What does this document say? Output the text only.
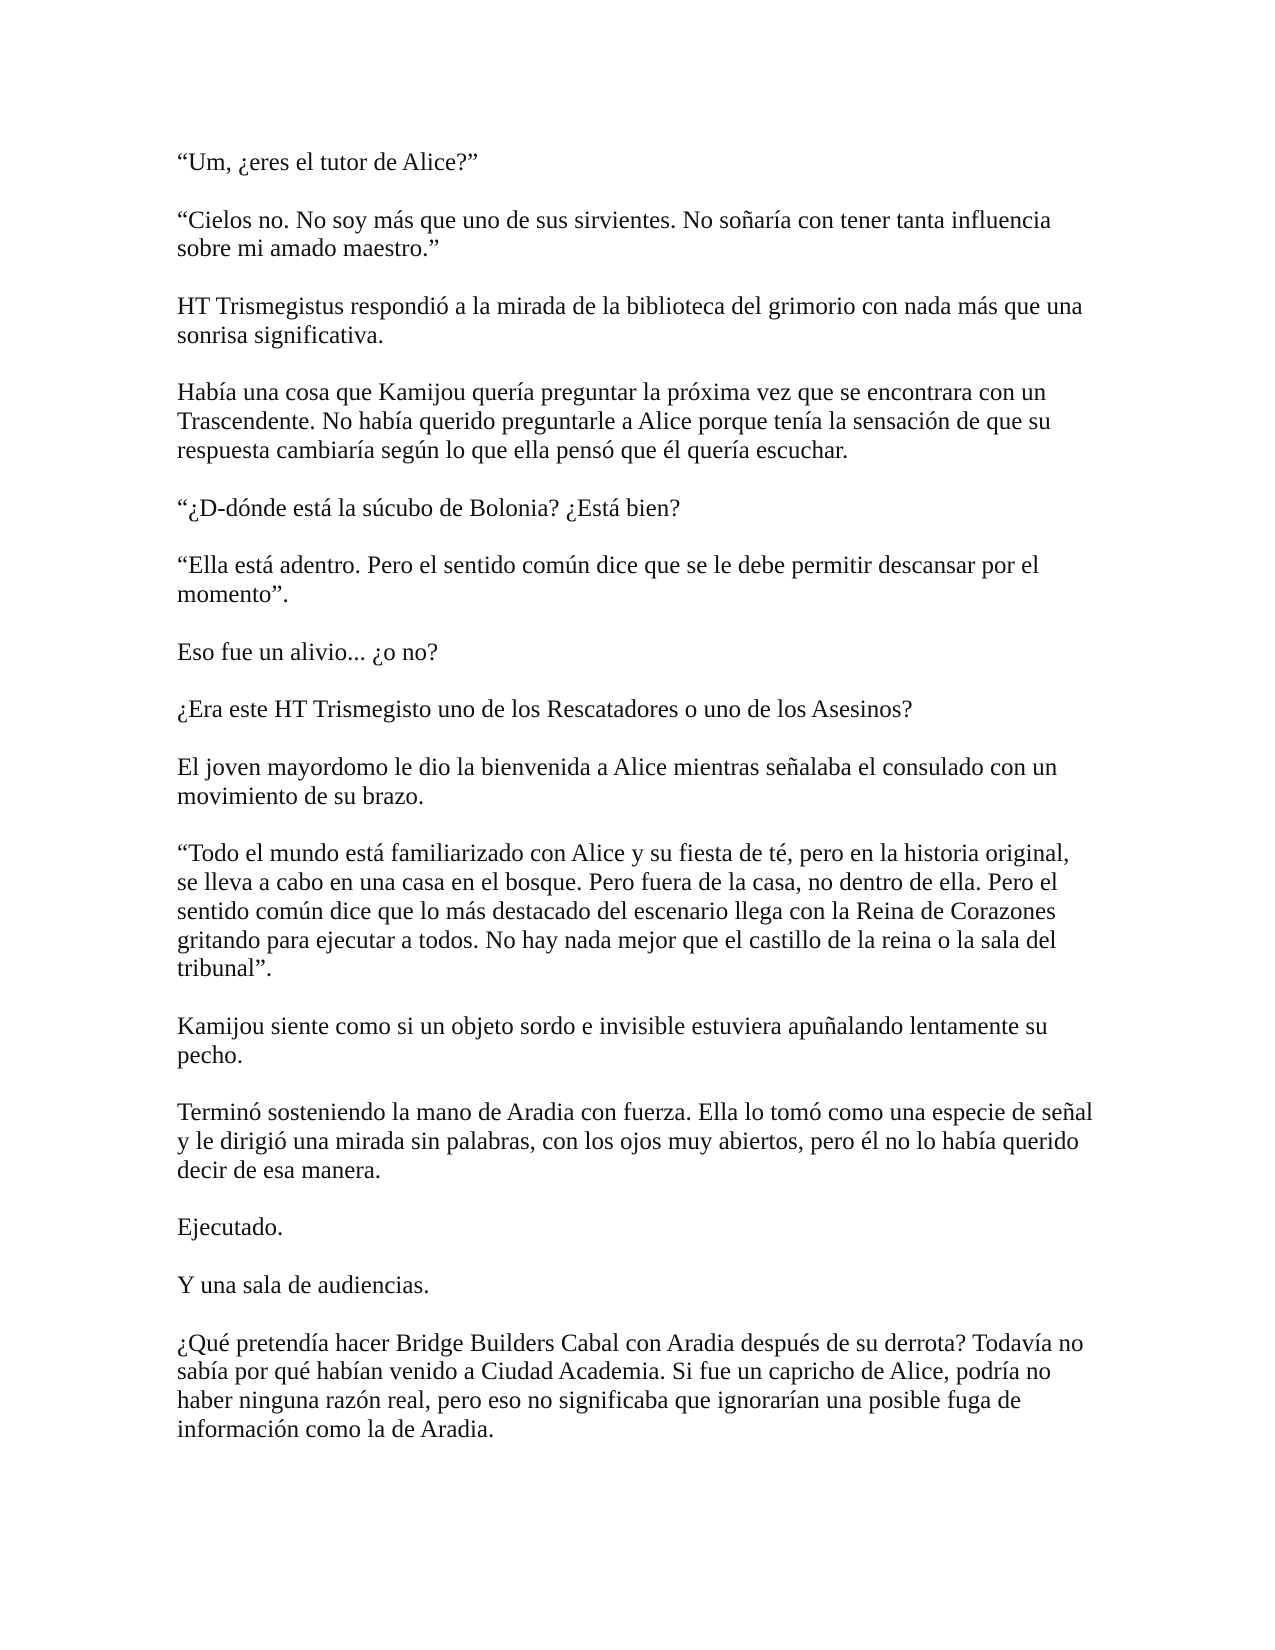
“Um, ¿eres el tutor de Alice?”
“Cielos no. No soy más que uno de sus sirvientes. No soñaría con tener tanta influencia
sobre mi amado maestro.”
HT Trismegistus respondió a la mirada de la biblioteca del grimorio con nada más que una
sonrisa significativa.
Había una cosa que Kamijou quería preguntar la próxima vez que se encontrara con un
Trascendente. No había querido preguntarle a Alice porque tenía la sensación de que su
respuesta cambiaría según lo que ella pensó que él quería escuchar.
“¿D-dónde está la súcubo de Bolonia? ¿Está bien?
“Ella está adentro. Pero el sentido común dice que se le debe permitir descansar por el
momento”.
Eso fue un alivio... ¿o no?
¿Era este HT Trismegisto uno de los Rescatadores o uno de los Asesinos?
El joven mayordomo le dio la bienvenida a Alice mientras señalaba el consulado con un
movimiento de su brazo.
“Todo el mundo está familiarizado con Alice y su fiesta de té, pero en la historia original,
se lleva a cabo en una casa en el bosque. Pero fuera de la casa, no dentro de ella. Pero el
sentido común dice que lo más destacado del escenario llega con la Reina de Corazones
gritando para ejecutar a todos. No hay nada mejor que el castillo de la reina o la sala del
tribunal”.
Kamijou siente como si un objeto sordo e invisible estuviera apuñalando lentamente su
pecho.
Terminó sosteniendo la mano de Aradia con fuerza. Ella lo tomó como una especie de señal
y le dirigió una mirada sin palabras, con los ojos muy abiertos, pero él no lo había querido
decir de esa manera.
Ejecutado.
Y una sala de audiencias.
¿Qué pretendía hacer Bridge Builders Cabal con Aradia después de su derrota? Todavía no
sabía por qué habían venido a Ciudad Academia. Si fue un capricho de Alice, podría no
haber ninguna razón real, pero eso no significaba que ignorarían una posible fuga de
información como la de Aradia.
